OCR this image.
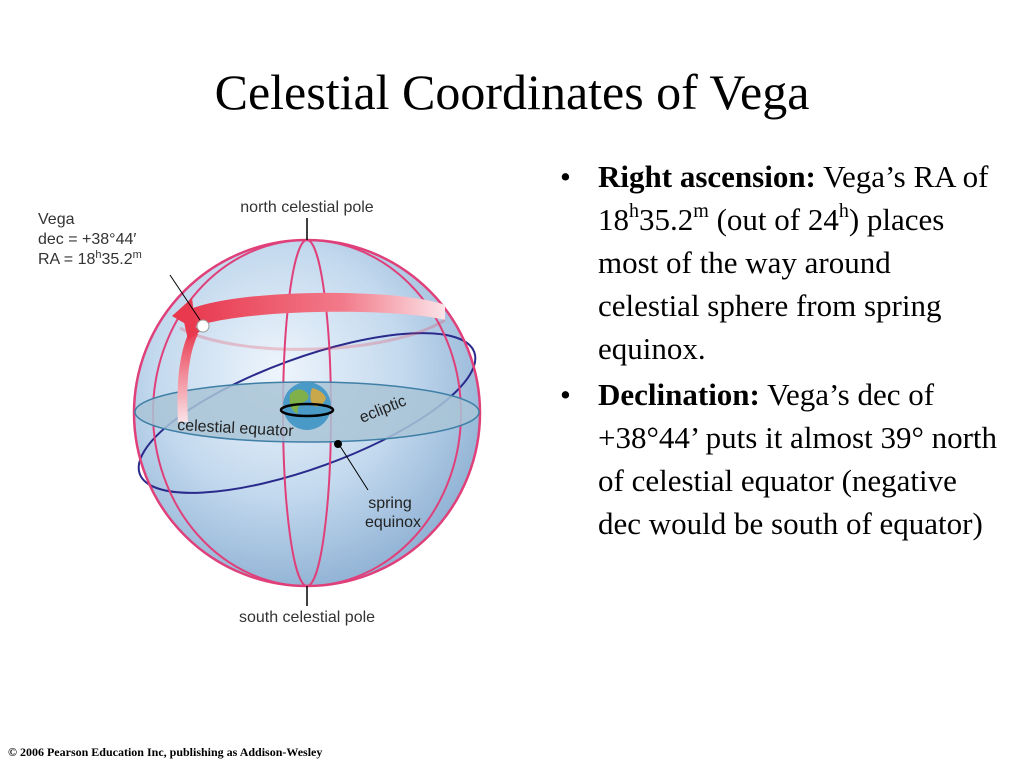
Celestial Coordinates of Vega
north celestial pole
south celestial pole
Vega
dec = +38°44′
RA = $18^h35.2^m$
celestial equator
ecliptic
spring
equinox
• Right ascension: Vega’s RA of 18$^h$35.2$^m$ (out of 24$^h$) places most of the way around celestial sphere from spring equinox.
• Declination: Vega’s dec of +38°44’ puts it almost 39° north of celestial equator (negative dec would be south of equator)
© 2006 Pearson Education Inc, publishing as Addison-Wesley
